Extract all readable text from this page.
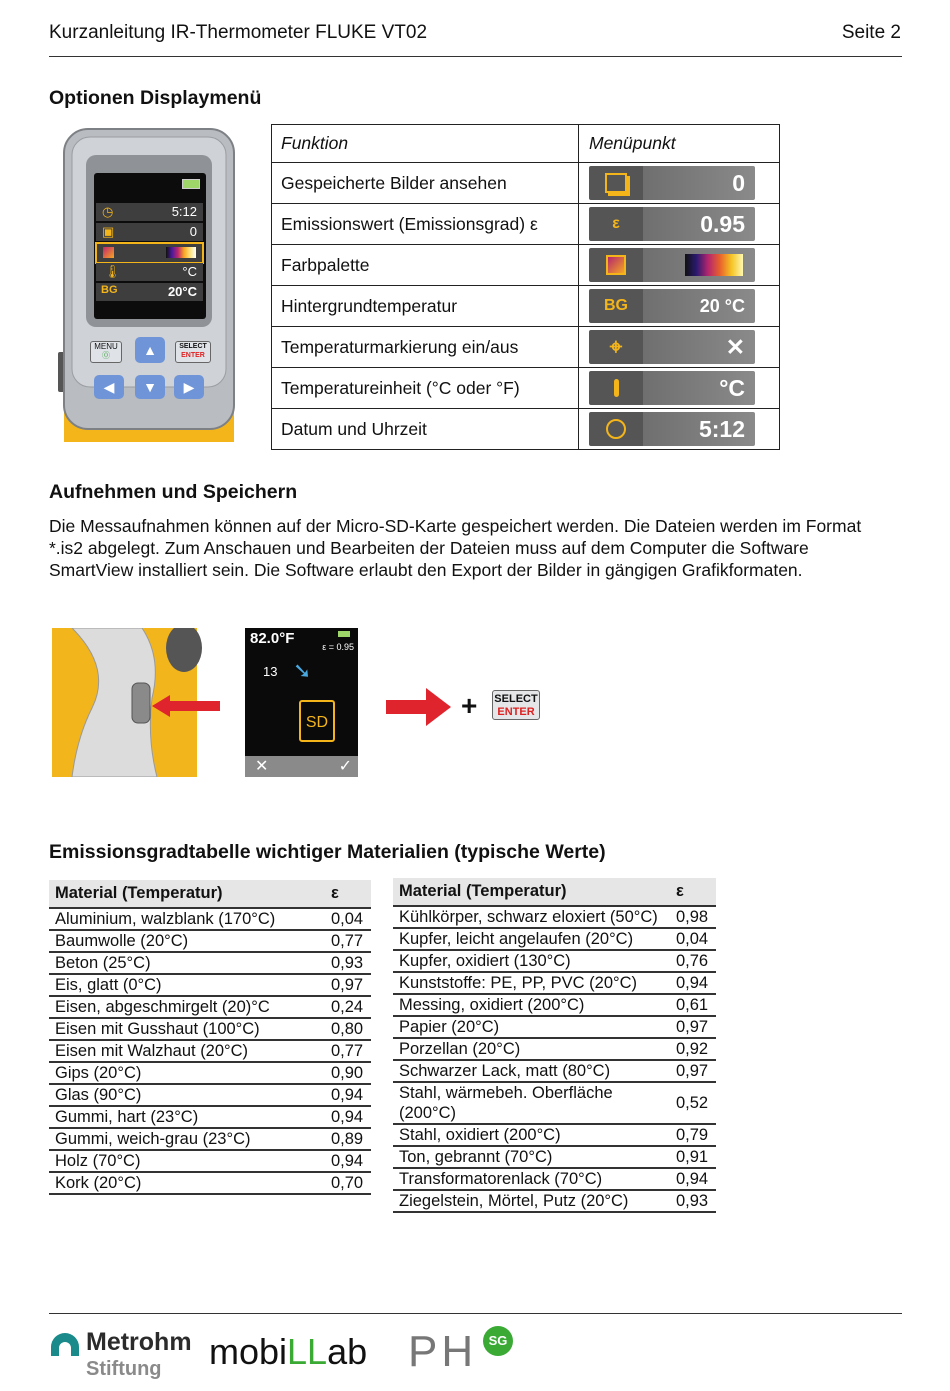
Kurzanleitung IR-Thermometer FLUKE VT02	Seite 2
Optionen Displaymenü
◷	5:12
▣	0
🌡	°C
BG	20°C
MENU
⓪	▲	SELECT
ENTER
◀	▼	▶
Funktion	Menüpunkt
Gespeicherte Bilder ansehen	0

Emissionswert (Emissionsgrad) ε	ε 0.95

Farbpalette	

Hintergrundtemperatur	BG 20 °C

Temperaturmarkierung ein/aus	⌖ ✕

Temperatureinheit (°C oder °F)	°C

Datum und Uhrzeit	5:12
Aufnehmen und Speichern
Die Messaufnahmen können auf der Micro-SD-Karte gespeichert werden. Die Dateien werden im Format *.is2 abgelegt. Zum Anschauen und Bearbeiten der Dateien muss auf dem Computer die Software SmartView installiert sein. Die Software erlaubt den Export der Bilder in gängigen Grafikformaten.
82.0°F	ε = 0.95
13 ➘
SD
✕	✓
+ SELECT
ENTER
Emissionsgradtabelle wichtiger Materialien (typische Werte)
Material (Temperatur)	ε
Aluminium, walzblank (170°C)	0,04
Baumwolle (20°C)	0,77
Beton (25°C)	0,93
Eis, glatt (0°C)	0,97
Eisen, abgeschmirgelt (20)°C	0,24
Eisen mit Gusshaut (100°C)	0,80
Eisen mit Walzhaut (20°C)	0,77
Gips (20°C)	0,90
Glas (90°C)	0,94
Gummi, hart (23°C)	0,94
Gummi, weich-grau (23°C)	0,89
Holz (70°C)	0,94
Kork (20°C)	0,70
Material (Temperatur)	ε
Kühlkörper, schwarz eloxiert (50°C)	0,98
Kupfer, leicht angelaufen (20°C)	0,04
Kupfer, oxidiert (130°C)	0,76
Kunststoffe: PE, PP, PVC (20°C)	0,94
Messing, oxidiert (200°C)	0,61
Papier (20°C)	0,97
Porzellan (20°C)	0,92
Schwarzer Lack, matt (80°C)	0,97
Stahl, wärmebeh. Oberfläche (200°C)	0,52
Stahl, oxidiert (200°C)	0,79
Ton, gebrannt (70°C)	0,91
Transformatorenlack (70°C)	0,94
Ziegelstein, Mörtel, Putz (20°C)	0,93
Metrohm
Stiftung mobiLLab PH SG
